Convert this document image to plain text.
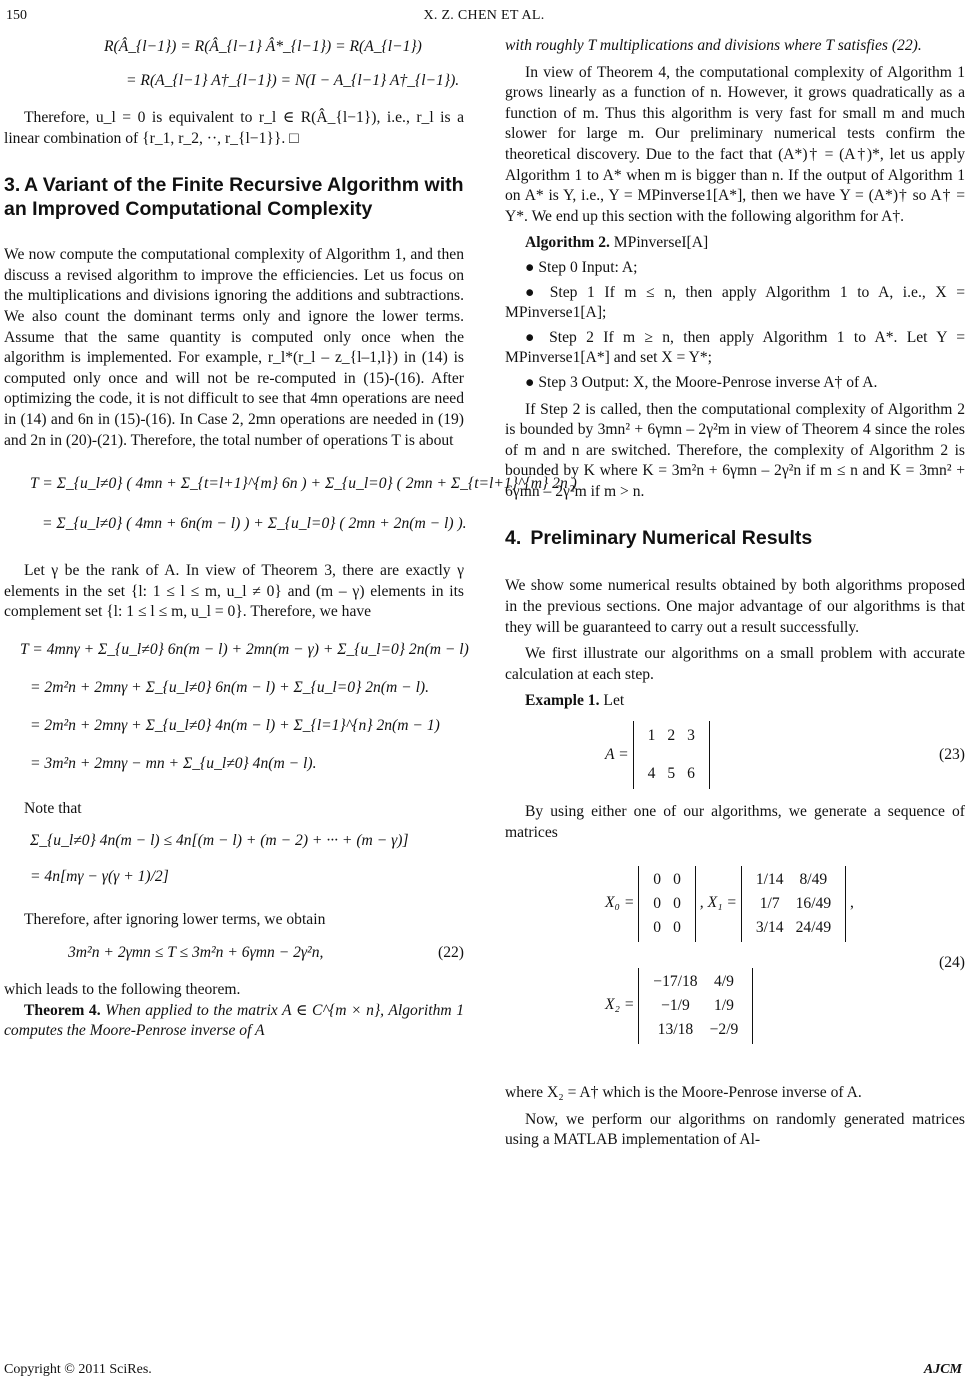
150	X. Z. CHEN ET AL.
R(Â_{l−1}) = R(Â_{l−1} Â*_{l−1}) = R(A_{l−1})
= R(A_{l−1} A†_{l−1}) = N(I − A_{l−1} A†_{l−1}).

Therefore, u_l = 0 is equivalent to r_l ∈ R(Â_{l−1}), i.e., r_l is a linear combination of {r_1, r_2, ··, r_{l−1}}. □

3. A Variant of the Finite Recursive Algorithm with an Improved Computational Complexity

We now compute the computational complexity of Algorithm 1, and then discuss a revised algorithm to improve the efficiencies. Let us focus on the multiplications and divisions ignoring the additions and subtractions. We also count the dominant terms only and ignore the lower terms. Assume that the same quantity is computed only once when the algorithm is implemented. For example, r_l*(r_l – z_{l–1,l}) in (14) is computed only once and will not be re-computed in (15)-(16). After optimizing the code, it is not difficult to see that 4mn operations are need in (14) and 6n in (15)-(16). In Case 2, 2mn operations are needed in (19) and 2n in (20)-(21). Therefore, the total number of operations T is about

T = Σ_{u_l≠0} ( 4mn + Σ_{t=l+1}^{m} 6n ) + Σ_{u_l=0} ( 2mn + Σ_{t=l+1}^{m} 2n )
= Σ_{u_l≠0} ( 4mn + 6n(m − l) ) + Σ_{u_l=0} ( 2mn + 2n(m − l) ).

Let γ be the rank of A. In view of Theorem 3, there are exactly γ elements in the set {l: 1 ≤ l ≤ m, u_l ≠ 0} and (m – γ) elements in its complement set {l: 1 ≤ l ≤ m, u_l = 0}. Therefore, we have

T = 4mnγ + Σ_{u_l≠0} 6n(m − l) + 2mn(m − γ) + Σ_{u_l=0} 2n(m − l)
= 2m²n + 2mnγ + Σ_{u_l≠0} 6n(m − l) + Σ_{u_l=0} 2n(m − l).
= 2m²n + 2mnγ + Σ_{u_l≠0} 4n(m − l) + Σ_{l=1}^{n} 2n(m − 1)
= 3m²n + 2mnγ − mn + Σ_{u_l≠0} 4n(m − l).

Note that

Σ_{u_l≠0} 4n(m − l) ≤ 4n[(m − l) + (m − 2) + ··· + (m − γ)]
= 4n[mγ − γ(γ + 1)/2]

Therefore, after ignoring lower terms, we obtain

3m²n + 2γmn ≤ T ≤ 3m²n + 6γmn − 2γ²n,	(22)

which leads to the following theorem.

Theorem 4. When applied to the matrix A ∈ C^{m × n}, Algorithm 1 computes the Moore-Penrose inverse of A

with roughly T multiplications and divisions where T satisfies (22).

In view of Theorem 4, the computational complexity of Algorithm 1 grows linearly as a function of n. However, it grows quadratically as a function of m. Thus this algorithm is very fast for small m and much slower for large m. Our preliminary numerical tests confirm the theoretical discovery. Due to the fact that (A*)† = (A†)*, let us apply Algorithm 1 to A* when m is bigger than n. If the output of Algorithm 1 on A* is Y, i.e., Y = MPinverse1[A*], then we have Y = (A*)† so A† = Y*. We end up this section with the following algorithm for A†.

Algorithm 2. MPinverseI[A]

● Step 0 Input: A;

● Step 1 If m ≤ n, then apply Algorithm 1 to A, i.e., X = MPinverse1[A];

● Step 2 If m ≥ n, then apply Algorithm 1 to A*. Let Y = MPinverse1[A*] and set X = Y*;

● Step 3 Output: X, the Moore-Penrose inverse A† of A.

If Step 2 is called, then the computational complexity of Algorithm 2 is bounded by 3mn² + 6γmn – 2γ²m in view of Theorem 4 since the roles of m and n are switched. Therefore, the complexity of Algorithm 2 is bounded by K where K = 3m²n + 6γmn – 2γ²n if m ≤ n and K = 3mn² + 6γmn – 2γ²m if m > n.

4. Preliminary Numerical Results

We show some numerical results obtained by both algorithms proposed in the previous sections. One major advantage of our algorithms is that they will be guaranteed to carry out a result successfully.

We first illustrate our algorithms on a small problem with accurate calculation at each step.

Example 1. Let

A =
1	2	3

4	5	6
(23)

By using either one of our algorithms, we generate a sequence of matrices

X₀ =
0	0
0	0
0	0
, X₁ =
1/14	8/49
1/7	16/49
3/14	24/49
,
X₂ =
−17/18	4/9
−1/9	1/9
13/18	−2/9
(24)

where X₂ = A† which is the Moore-Penrose inverse of A.

Now, we perform our algorithms on randomly generated matrices using a MATLAB implementation of Al-

Copyright © 2011 SciRes.	AJCM
